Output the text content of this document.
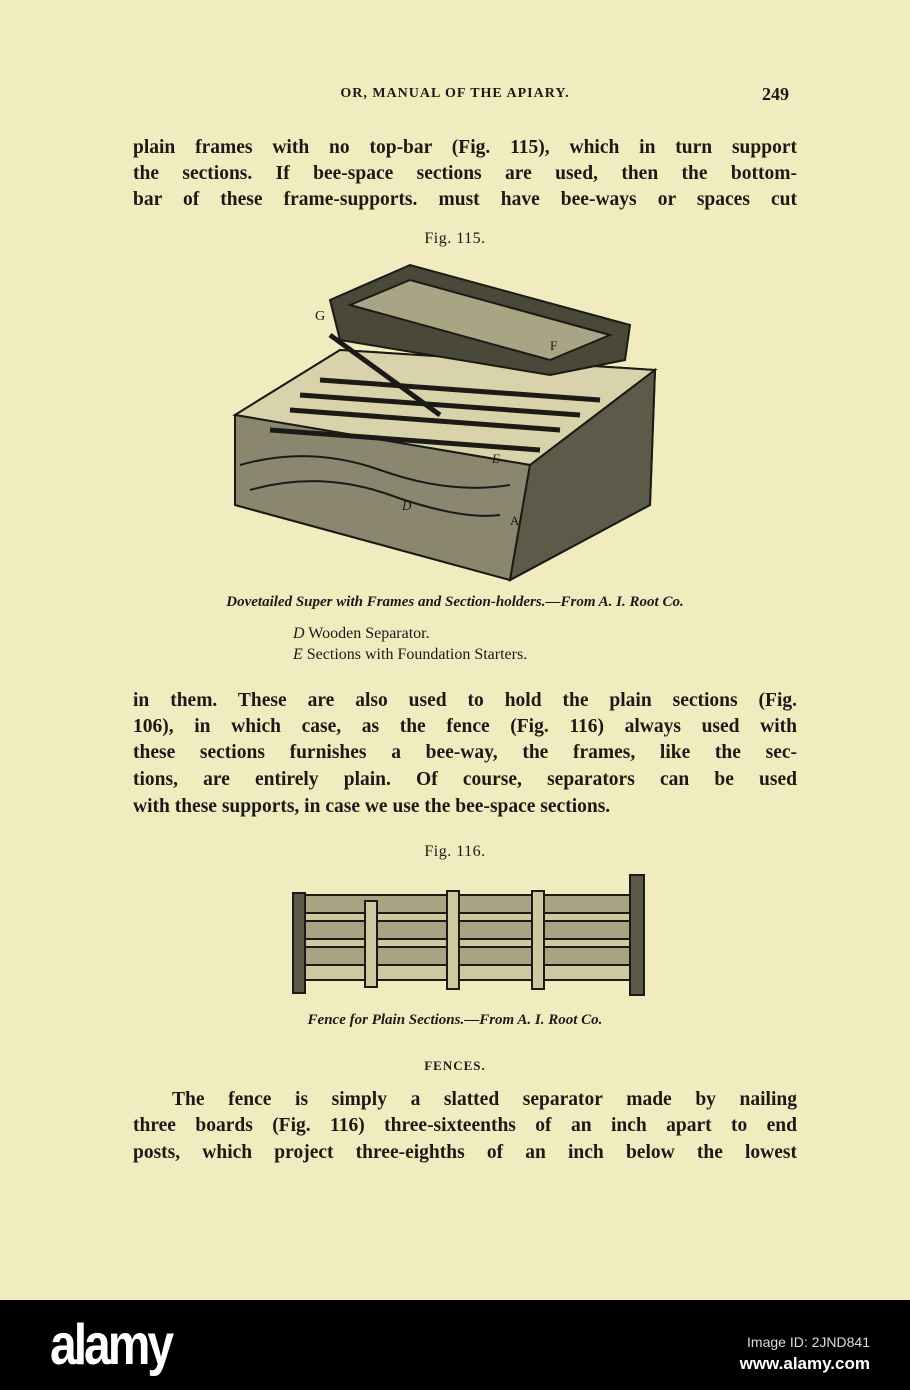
OR, MANUAL OF THE APIARY.	249
plain frames with no top-bar (Fig. 115), which in turn support
the sections. If bee-space sections are used, then the bottom-
bar of these frame-supports. must have bee-ways or spaces cut
Fig. 115.
G
F
E
D
A
Dovetailed Super with Frames and Section-holders.—From A. I. Root Co.
D Wooden Separator.
E Sections with Foundation Starters.
in them. These are also used to hold the plain sections (Fig.
106), in which case, as the fence (Fig. 116) always used with
these sections furnishes a bee-way, the frames, like the sec-
tions, are entirely plain. Of course, separators can be used
with these supports, in case we use the bee-space sections.
Fig. 116.
Fence for Plain Sections.—From A. I. Root Co.
FENCES.
The fence is simply a slatted separator made by nailing
three boards (Fig. 116) three-sixteenths of an inch apart to end
posts, which project three-eighths of an inch below the lowest
alamy	Image ID: 2JND841
www.alamy.com
